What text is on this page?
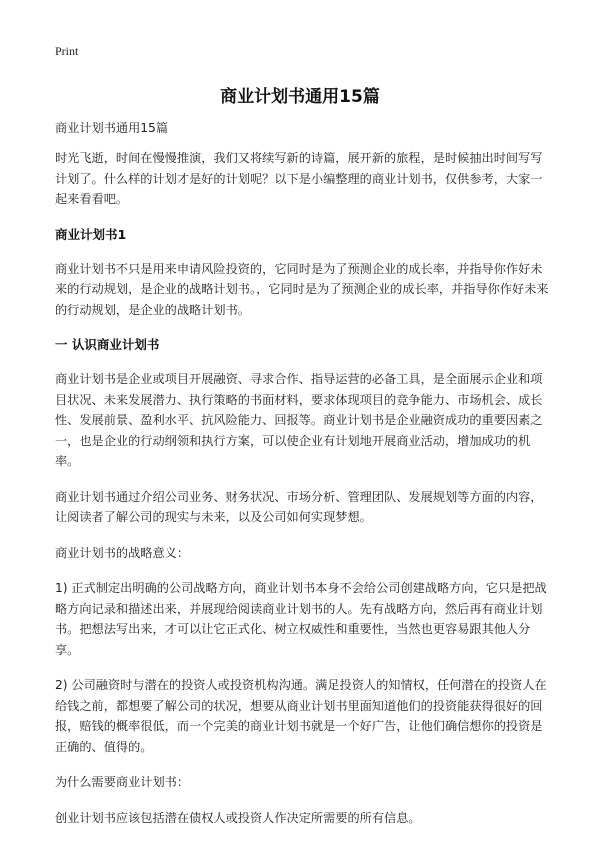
Print
商业计划书通用15篇

商业计划书通用15篇

时光飞逝，时间在慢慢推演，我们又将续写新的诗篇，展开新的旅程，是时候抽出时间写写计划了。什么样的计划才是好的计划呢？以下是小编整理的商业计划书，仅供参考，大家一起来看看吧。

商业计划书1

商业计划书不只是用来申请风险投资的，它同时是为了预测企业的成长率，并指导你作好未来的行动规划，是企业的战略计划书。，它同时是为了预测企业的成长率，并指导你作好未来的行动规划，是企业的战略计划书。

一 认识商业计划书

商业计划书是企业或项目开展融资、寻求合作、指导运营的必备工具，是全面展示企业和项目状况、未来发展潜力、执行策略的书面材料，要求体现项目的竞争能力、市场机会、成长性、发展前景、盈利水平、抗风险能力、回报等。商业计划书是企业融资成功的重要因素之一，也是企业的行动纲领和执行方案，可以使企业有计划地开展商业活动，增加成功的机率。

商业计划书通过介绍公司业务、财务状况、市场分析、管理团队、发展规划等方面的内容，让阅读者了解公司的现实与未来，以及公司如何实现梦想。

商业计划书的战略意义：

1) 正式制定出明确的公司战略方向，商业计划书本身不会给公司创建战略方向，它只是把战略方向记录和描述出来，并展现给阅读商业计划书的人。先有战略方向，然后再有商业计划书。把想法写出来，才可以让它正式化、树立权威性和重要性，当然也更容易跟其他人分享。

2) 公司融资时与潜在的投资人或投资机构沟通。满足投资人的知情权，任何潜在的投资人在给钱之前，都想要了解公司的状况，想要从商业计划书里面知道他们的投资能获得很好的回报，赔钱的概率很低，而一个完美的商业计划书就是一个好广告，让他们确信想你的投资是正确的、值得的。

为什么需要商业计划书：

创业计划书应该包括潜在债权人或投资人作决定所需要的所有信息。
